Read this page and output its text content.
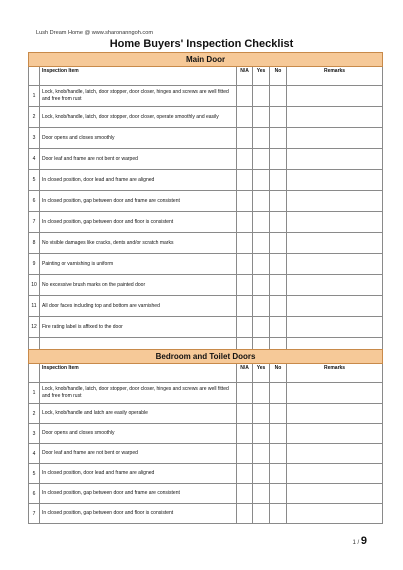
Lush Dream Home @ www.sharonanngoh.com
Home Buyers' Inspection Checklist
Main Door					
	Inspection Item	N/A	Yes	No	Remarks
1	Lock, knob/handle, latch, door stopper, door closer, hinges and screws are well fitted and free from rust				
2	Lock, knob/handle, latch, door stopper, door closer, operate smoothly and easily				
3	Door opens and closes smoothly				
4	Door leaf and frame are not bent or warped				
5	In closed position, door lead and frame are aligned				
6	In closed position, gap between door and frame are consistent				
7	In closed position, gap between door and floor is consistent				
8	No visible damages like cracks, dents and/or scratch marks				
9	Painting or varnishing is uniform				
10	No excessive brush marks on the painted door				
11	All door faces including top and bottom are varnished				
12	Fire rating label is affixed to the door				

Bedroom and Toilet Doors					
	Inspection Item	N/A	Yes	No	Remarks
1	Lock, knob/handle, latch, door stopper, door closer, hinges and screws are well fitted and free from rust				
2	Lock, knob/handle and latch are easily operable				
3	Door opens and closes smoothly				
4	Door leaf and frame are not bent or warped				
5	In closed position, door lead and frame are aligned				
6	In closed position, gap between door and frame are consistent				
7	In closed position, gap between door and floor is consistent				
1 / 9
